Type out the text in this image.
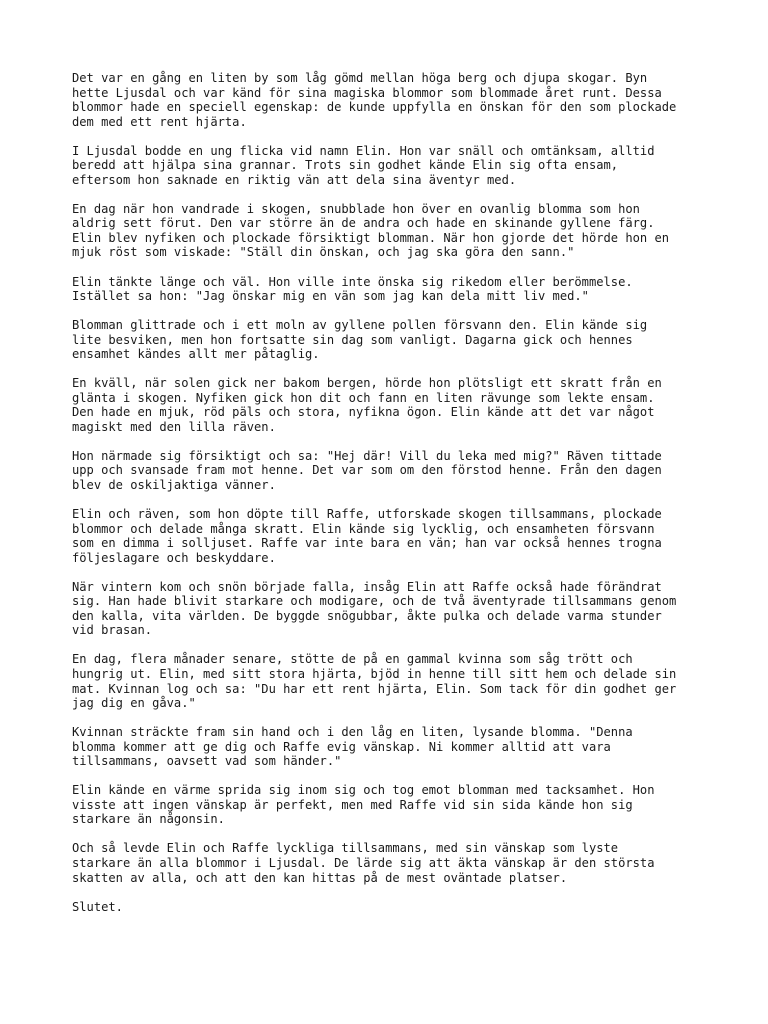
Det var en gång en liten by som låg gömd mellan höga berg och djupa skogar. Byn
hette Ljusdal och var känd för sina magiska blommor som blommade året runt. Dessa
blommor hade en speciell egenskap: de kunde uppfylla en önskan för den som plockade
dem med ett rent hjärta.
I Ljusdal bodde en ung flicka vid namn Elin. Hon var snäll och omtänksam, alltid
beredd att hjälpa sina grannar. Trots sin godhet kände Elin sig ofta ensam,
eftersom hon saknade en riktig vän att dela sina äventyr med.
En dag när hon vandrade i skogen, snubblade hon över en ovanlig blomma som hon
aldrig sett förut. Den var större än de andra och hade en skinande gyllene färg.
Elin blev nyfiken och plockade försiktigt blomman. När hon gjorde det hörde hon en
mjuk röst som viskade: "Ställ din önskan, och jag ska göra den sann."
Elin tänkte länge och väl. Hon ville inte önska sig rikedom eller berömmelse.
Istället sa hon: "Jag önskar mig en vän som jag kan dela mitt liv med."
Blomman glittrade och i ett moln av gyllene pollen försvann den. Elin kände sig
lite besviken, men hon fortsatte sin dag som vanligt. Dagarna gick och hennes
ensamhet kändes allt mer påtaglig.
En kväll, när solen gick ner bakom bergen, hörde hon plötsligt ett skratt från en
glänta i skogen. Nyfiken gick hon dit och fann en liten rävunge som lekte ensam.
Den hade en mjuk, röd päls och stora, nyfikna ögon. Elin kände att det var något
magiskt med den lilla räven.
Hon närmade sig försiktigt och sa: "Hej där! Vill du leka med mig?" Räven tittade
upp och svansade fram mot henne. Det var som om den förstod henne. Från den dagen
blev de oskiljaktiga vänner.
Elin och räven, som hon döpte till Raffe, utforskade skogen tillsammans, plockade
blommor och delade många skratt. Elin kände sig lycklig, och ensamheten försvann
som en dimma i solljuset. Raffe var inte bara en vän; han var också hennes trogna
följeslagare och beskyddare.
När vintern kom och snön började falla, insåg Elin att Raffe också hade förändrat
sig. Han hade blivit starkare och modigare, och de två äventyrade tillsammans genom
den kalla, vita världen. De byggde snögubbar, åkte pulka och delade varma stunder
vid brasan.
En dag, flera månader senare, stötte de på en gammal kvinna som såg trött och
hungrig ut. Elin, med sitt stora hjärta, bjöd in henne till sitt hem och delade sin
mat. Kvinnan log och sa: "Du har ett rent hjärta, Elin. Som tack för din godhet ger
jag dig en gåva."
Kvinnan sträckte fram sin hand och i den låg en liten, lysande blomma. "Denna
blomma kommer att ge dig och Raffe evig vänskap. Ni kommer alltid att vara
tillsammans, oavsett vad som händer."
Elin kände en värme sprida sig inom sig och tog emot blomman med tacksamhet. Hon
visste att ingen vänskap är perfekt, men med Raffe vid sin sida kände hon sig
starkare än någonsin.
Och så levde Elin och Raffe lyckliga tillsammans, med sin vänskap som lyste
starkare än alla blommor i Ljusdal. De lärde sig att äkta vänskap är den största
skatten av alla, och att den kan hittas på de mest oväntade platser.
Slutet.
